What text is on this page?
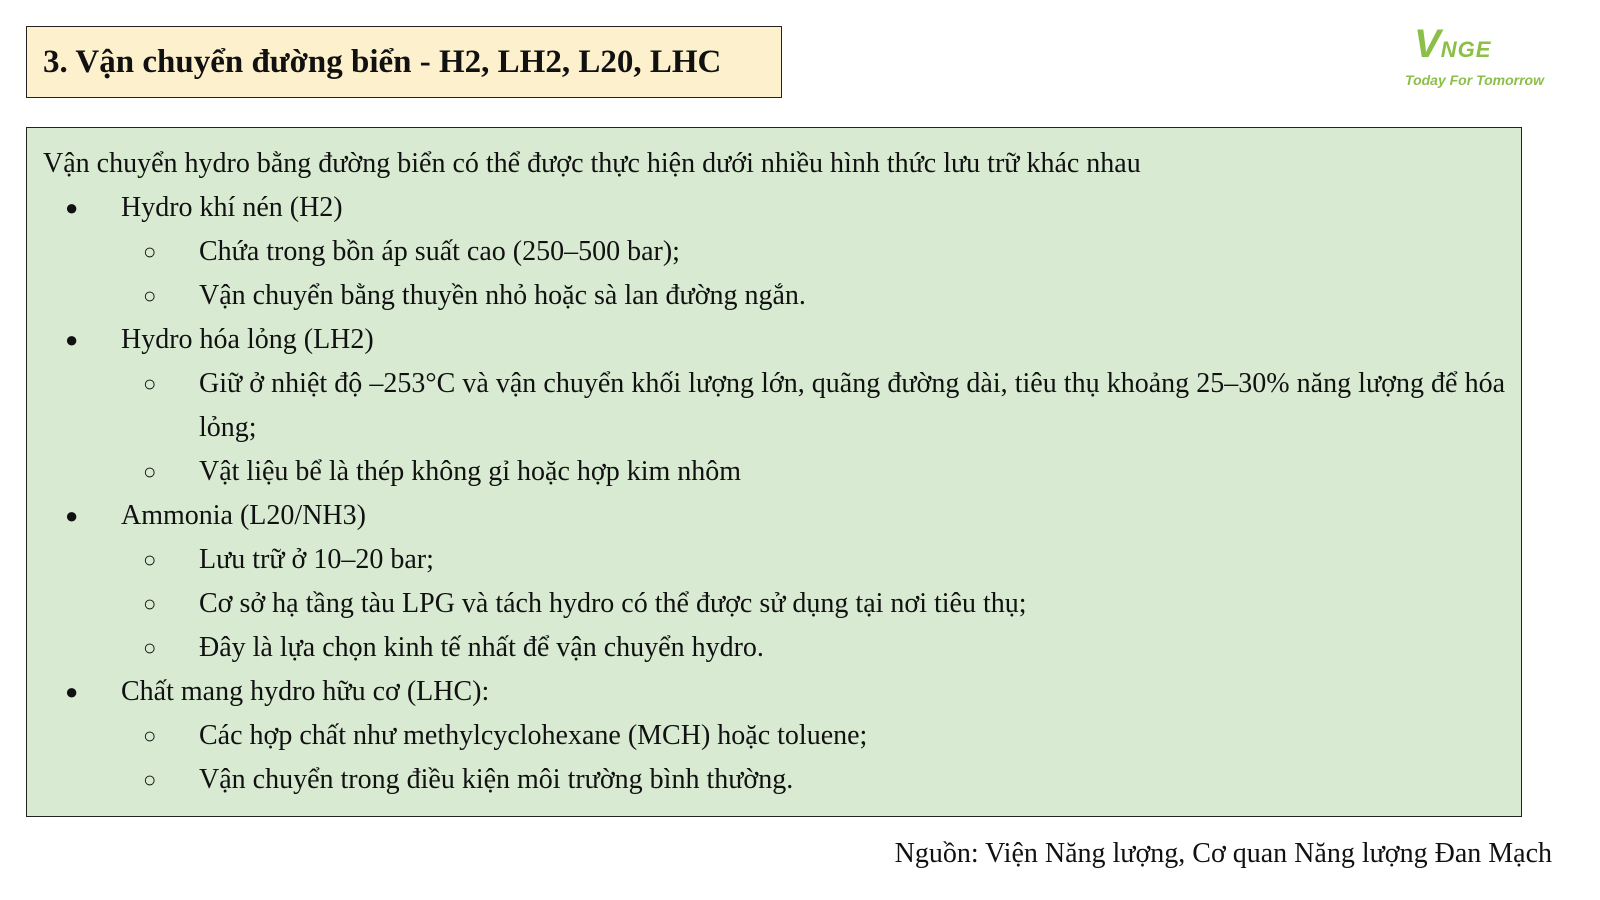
3. Vận chuyển đường biển - H2, LH2, L20, LHC	VNGE
Today For Tomorrow
Vận chuyển hydro bằng đường biển có thể được thực hiện dưới nhiều hình thức lưu trữ khác nhau
● Hydro khí nén (H2)
○ Chứa trong bồn áp suất cao (250–500 bar);
○ Vận chuyển bằng thuyền nhỏ hoặc sà lan đường ngắn.
● Hydro hóa lỏng (LH2)
○ Giữ ở nhiệt độ –253°C và vận chuyển khối lượng lớn, quãng đường dài, tiêu thụ khoảng 25–30% năng lượng để hóa lỏng;
○ Vật liệu bể là thép không gỉ hoặc hợp kim nhôm
● Ammonia (L20/NH3)
○ Lưu trữ ở 10–20 bar;
○ Cơ sở hạ tầng tàu LPG và tách hydro có thể được sử dụng tại nơi tiêu thụ;
○ Đây là lựa chọn kinh tế nhất để vận chuyển hydro.
● Chất mang hydro hữu cơ (LHC):
○ Các hợp chất như methylcyclohexane (MCH) hoặc toluene;
○ Vận chuyển trong điều kiện môi trường bình thường.
Nguồn: Viện Năng lượng, Cơ quan Năng lượng Đan Mạch
